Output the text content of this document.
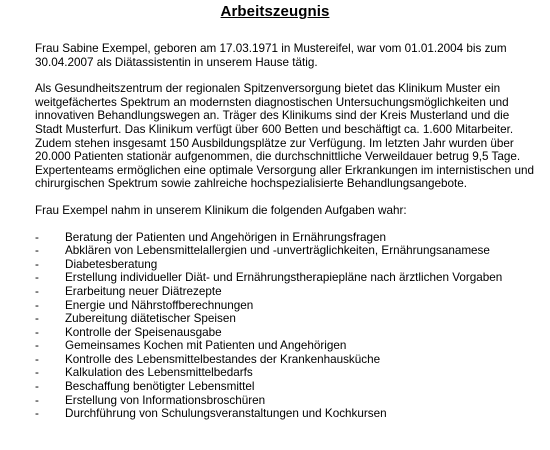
Arbeitszeugnis

Frau Sabine Exempel, geboren am 17.03.1971 in Mustereifel, war vom 01.01.2004 bis zum 30.04.2007 als Diätassistentin in unserem Hause tätig.

Als Gesundheitszentrum der regionalen Spitzenversorgung bietet das Klinikum Muster ein weitgefächertes Spektrum an modernsten diagnostischen Untersuchungsmöglichkeiten und innovativen Behandlungswegen an. Träger des Klinikums sind der Kreis Musterland und die Stadt Musterfurt. Das Klinikum verfügt über 600 Betten und beschäftigt ca. 1.600 Mitarbeiter. Zudem stehen insgesamt 150 Ausbildungsplätze zur Verfügung. Im letzten Jahr wurden über 20.000 Patienten stationär aufgenommen, die durchschnittliche Verweildauer betrug 9,5 Tage. Expertenteams ermöglichen eine optimale Versorgung aller Erkrankungen im internistischen und chirurgischen Spektrum sowie zahlreiche hochspezialisierte Behandlungsangebote.

Frau Exempel nahm in unserem Klinikum die folgenden Aufgaben wahr:

- Beratung der Patienten und Angehörigen in Ernährungsfragen
- Abklären von Lebensmittelallergien und -unverträglichkeiten, Ernährungsanamese
- Diabetesberatung
- Erstellung individueller Diät- und Ernährungstherapiepläne nach ärztlichen Vorgaben
- Erarbeitung neuer Diätrezepte
- Energie und Nährstoffberechnungen
- Zubereitung diätetischer Speisen
- Kontrolle der Speisenausgabe
- Gemeinsames Kochen mit Patienten und Angehörigen
- Kontrolle des Lebensmittelbestandes der Krankenhausküche
- Kalkulation des Lebensmittelbedarfs
- Beschaffung benötigter Lebensmittel
- Erstellung von Informationsbroschüren
- Durchführung von Schulungsveranstaltungen und Kochkursen
